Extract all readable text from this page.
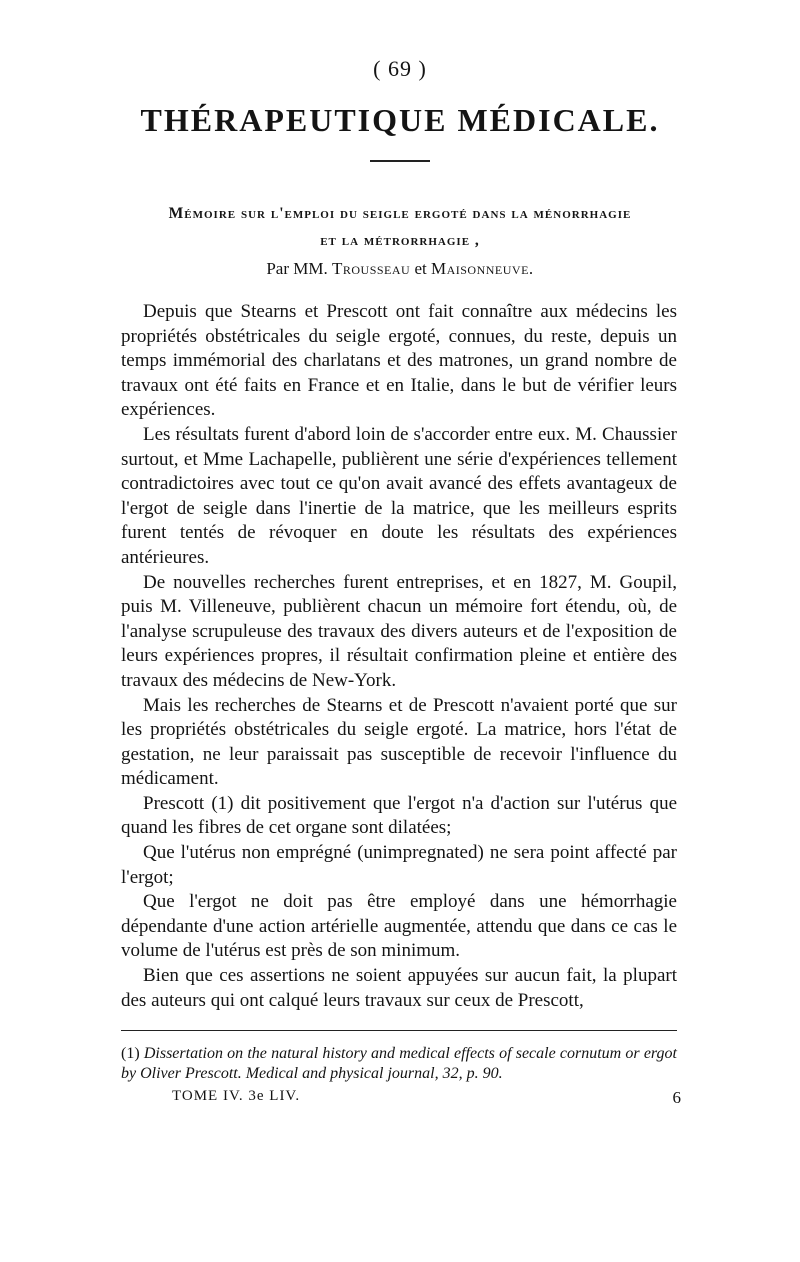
( 69 )
THÉRAPEUTIQUE MÉDICALE.
Mémoire sur l'emploi du seigle ergoté dans la ménorrhagie
et la métrorrhagie ,
Par MM. Trousseau et Maisonneuve.

Depuis que Stearns et Prescott ont fait connaître aux médecins les propriétés obstétricales du seigle ergoté, connues, du reste, depuis un temps immémorial des charlatans et des matrones, un grand nombre de travaux ont été faits en France et en Italie, dans le but de vérifier leurs expériences.

Les résultats furent d'abord loin de s'accorder entre eux. M. Chaussier surtout, et Mme Lachapelle, publièrent une série d'expériences tellement contradictoires avec tout ce qu'on avait avancé des effets avantageux de l'ergot de seigle dans l'inertie de la matrice, que les meilleurs esprits furent tentés de révoquer en doute les résultats des expériences antérieures.

De nouvelles recherches furent entreprises, et en 1827, M. Goupil, puis M. Villeneuve, publièrent chacun un mémoire fort étendu, où, de l'analyse scrupuleuse des travaux des divers auteurs et de l'exposition de leurs expériences propres, il résultait confirmation pleine et entière des travaux des médecins de New-York.

Mais les recherches de Stearns et de Prescott n'avaient porté que sur les propriétés obstétricales du seigle ergoté. La matrice, hors l'état de gestation, ne leur paraissait pas susceptible de recevoir l'influence du médicament.

Prescott (1) dit positivement que l'ergot n'a d'action sur l'utérus que quand les fibres de cet organe sont dilatées;

Que l'utérus non emprégné (unimpregnated) ne sera point affecté par l'ergot;

Que l'ergot ne doit pas être employé dans une hémorrhagie dépendante d'une action artérielle augmentée, attendu que dans ce cas le volume de l'utérus est près de son minimum.

Bien que ces assertions ne soient appuyées sur aucun fait, la plupart des auteurs qui ont calqué leurs travaux sur ceux de Prescott,

(1) Dissertation on the natural history and medical effects of secale cornutum or ergot by Oliver Prescott. Medical and physical journal, 32, p. 90.
TOME IV. 3e LIV.	6
